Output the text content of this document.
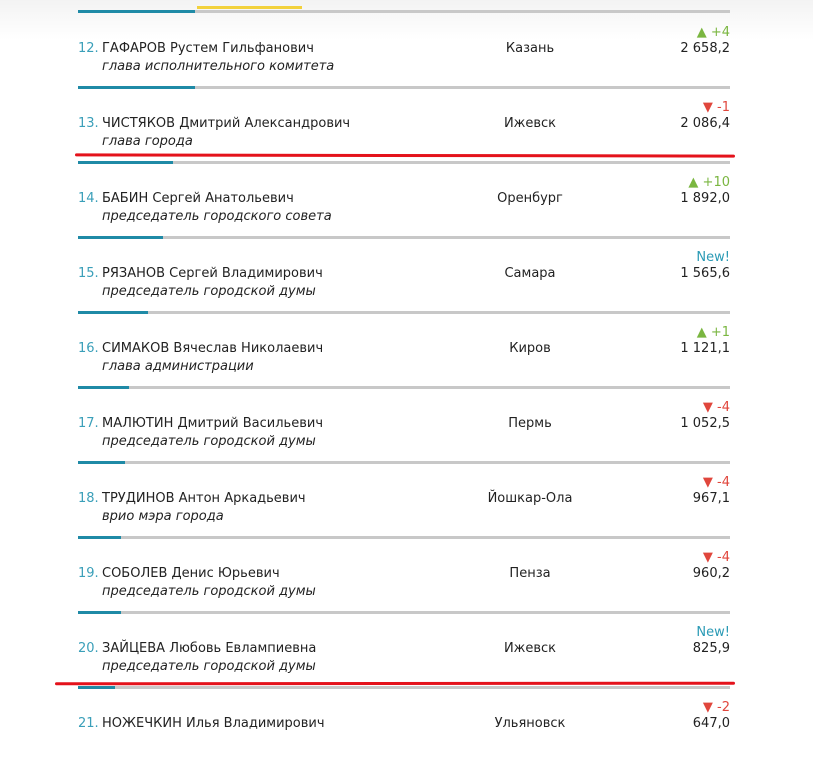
12. ГАФАРОВ Рустем Гильфанович
глава исполнительного комитета
Казань
▲ +4
2 658,2
13. ЧИСТЯКОВ Дмитрий Александрович
глава города
Ижевск
▼ -1
2 086,4
14. БАБИН Сергей Анатольевич
председатель городского совета
Оренбург
▲ +10
1 892,0
15. РЯЗАНОВ Сергей Владимирович
председатель городской думы
Самара
New!
1 565,6
16. СИМАКОВ Вячеслав Николаевич
глава администрации
Киров
▲ +1
1 121,1
17. МАЛЮТИН Дмитрий Васильевич
председатель городской думы
Пермь
▼ -4
1 052,5
18. ТРУДИНОВ Антон Аркадьевич
врио мэра города
Йошкар-Ола
▼ -4
967,1
19. СОБОЛЕВ Денис Юрьевич
председатель городской думы
Пенза
▼ -4
960,2
20. ЗАЙЦЕВА Любовь Евлампиевна
председатель городской думы
Ижевск
New!
825,9
21. НОЖЕЧКИН Илья Владимирович	Ульяновск
▼ -2
647,0
